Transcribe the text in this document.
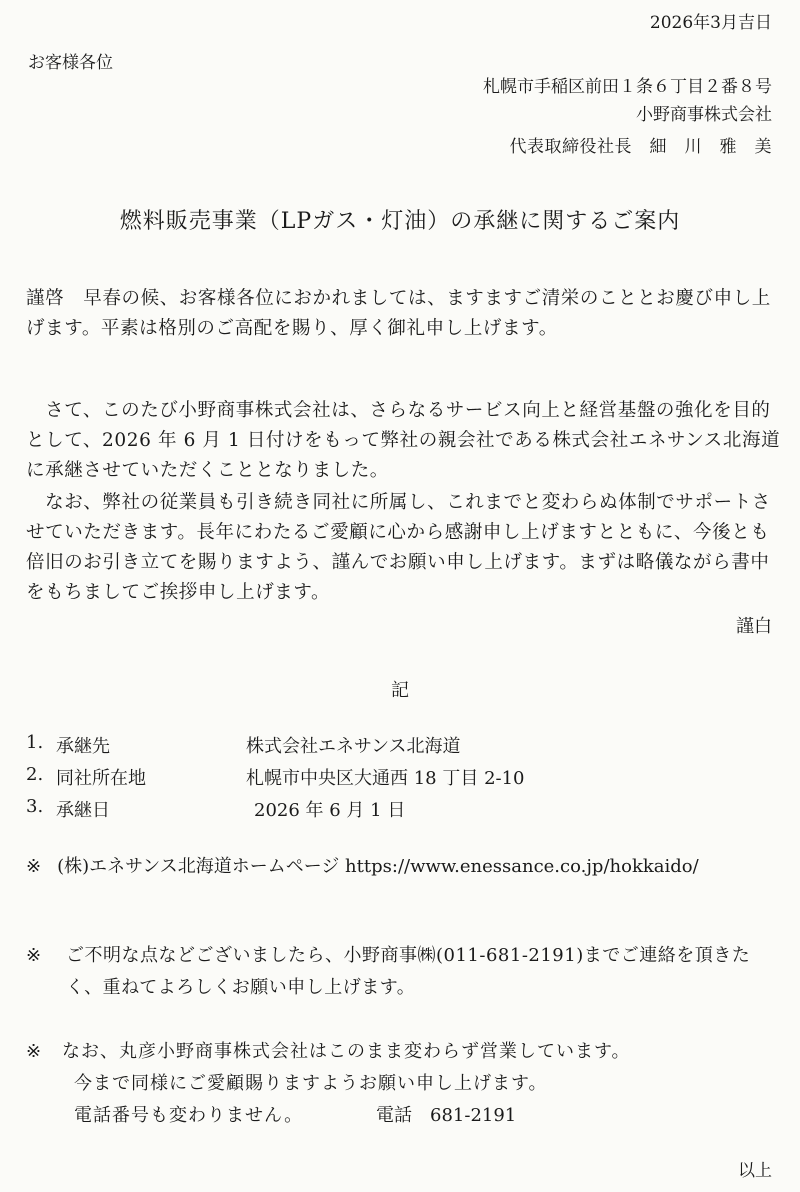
2026年3月吉日
お客様各位
札幌市手稲区前田１条６丁目２番８号
小野商事株式会社
代表取締役社長　細　川　雅　美
燃料販売事業（LPガス・灯油）の承継に関するご案内
謹啓　早春の候、お客様各位におかれましては、ますますご清栄のこととお慶び申し上げます。平素は格別のご高配を賜り、厚く御礼申し上げます。
　さて、このたび小野商事株式会社は、さらなるサービス向上と経営基盤の強化を目的として、2026 年 6 月 1 日付けをもって弊社の親会社である株式会社エネサンス北海道に承継させていただくこととなりました。
　なお、弊社の従業員も引き続き同社に所属し、これまでと変わらぬ体制でサポートさせていただきます。長年にわたるご愛顧に心から感謝申し上げますとともに、今後とも倍旧のお引き立てを賜りますよう、謹んでお願い申し上げます。まずは略儀ながら書中をもちましてご挨拶申し上げます。
謹白
記
1. 承継先	株式会社エネサンス北海道
2. 同社所在地	札幌市中央区大通西 18 丁目 2-10
3. 承継日	2026 年 6 月 1 日
※ (株)エネサンス北海道ホームページ https://www.enessance.co.jp/hokkaido/
※ ご不明な点などございましたら、小野商事㈱(011-681-2191)までご連絡を頂きたく、重ねてよろしくお願い申し上げます。
※ なお、丸彦小野商事株式会社はこのまま変わらず営業しています。
今まで同様にご愛顧賜りますようお願い申し上げます。
電話番号も変わりません。	電話　681-2191
以上
